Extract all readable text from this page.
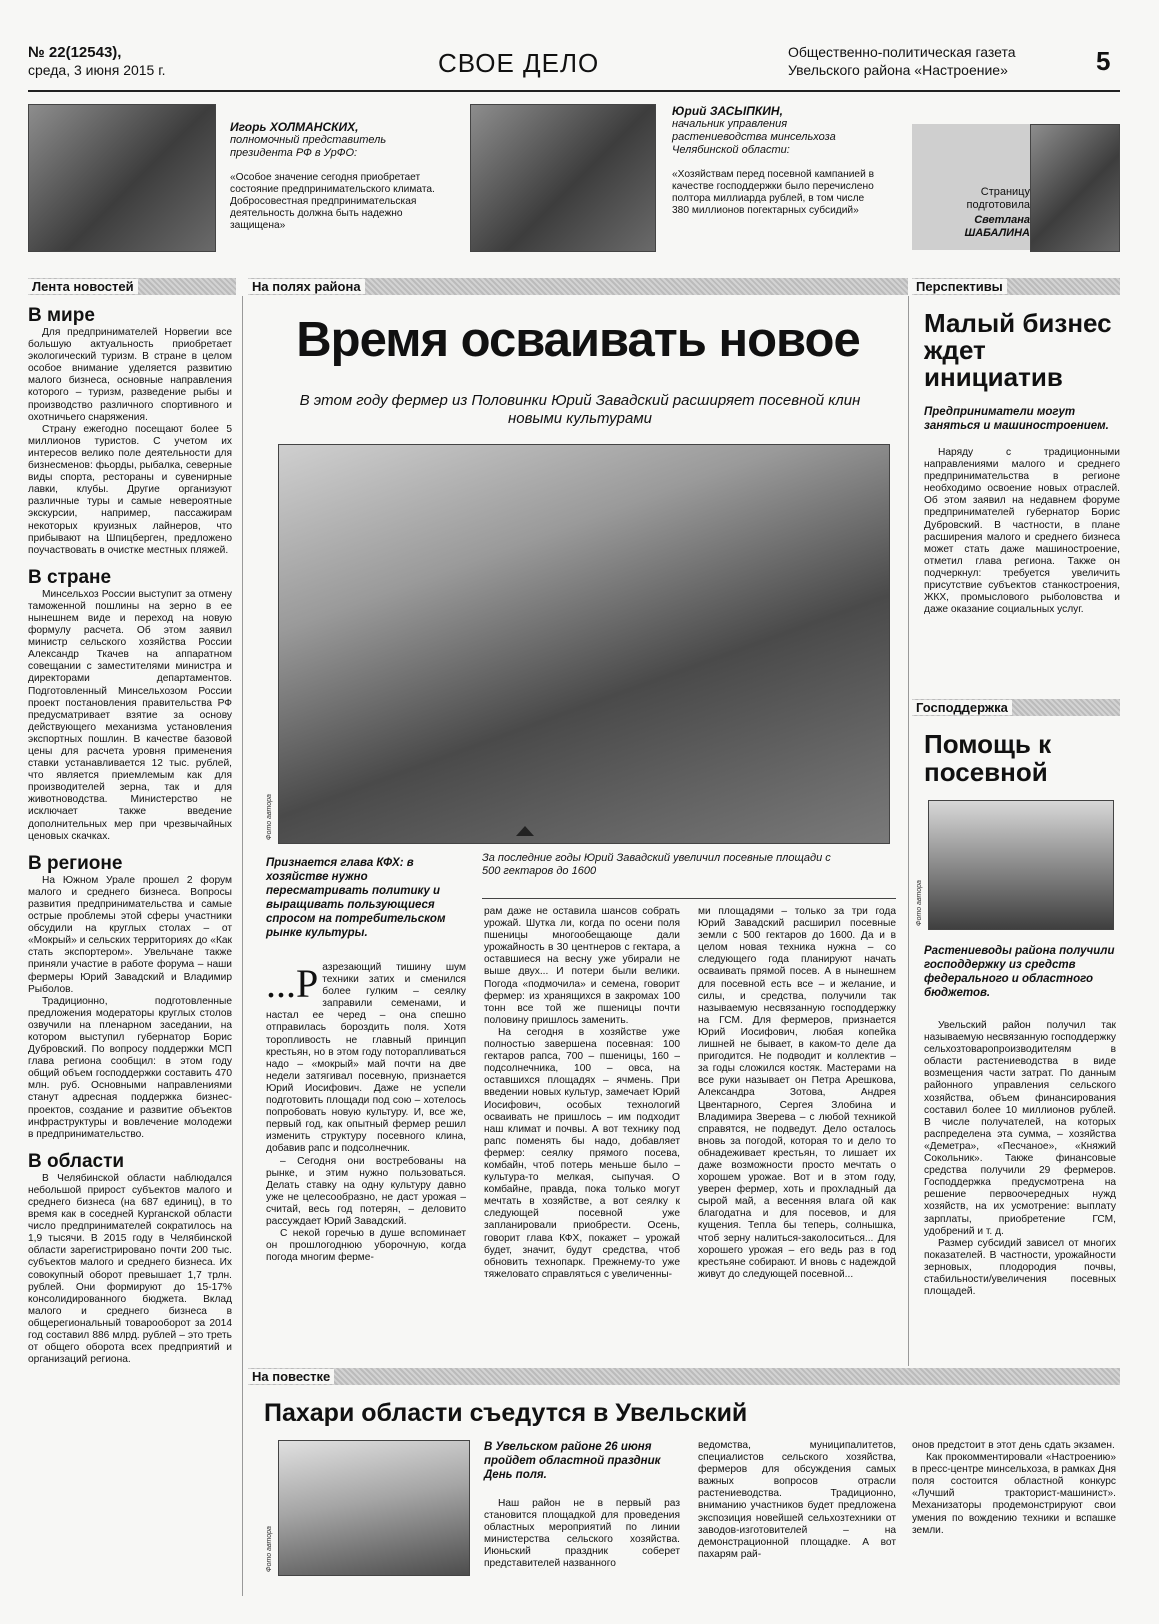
№ 22(12543),
среда, 3 июня 2015 г.	СВОЕ ДЕЛО	Общественно-политическая газета
Увельского района «Настроение»	5
Игорь ХОЛМАНСКИХ,
полномочный представитель президента РФ в УрФО:
«Особое значение сегодня приобретает состояние предпринимательского климата. Добросовестная предпринимательская деятельность должна быть надежно защищена»
Юрий ЗАСЫПКИН,
начальник управления растениеводства минсельхоза Челябинской области:
«Хозяйствам перед посевной кампанией в качестве господдержки было перечислено полтора миллиарда рублей, в том числе 380 миллионов погектарных субсидий»
Страницу подготовила
Светлана
ШАБАЛИНА
Лента новостей	На полях района	Перспективы
В мире

Для предпринимателей Норвегии все большую актуальность приобретает экологический туризм. В стране в целом особое внимание уделяется развитию малого бизнеса, основные направления которого – туризм, разведение рыбы и производство различного спортивного и охотничьего снаряжения.

Страну ежегодно посещают более 5 миллионов туристов. С учетом их интересов велико поле деятельности для бизнесменов: фьорды, рыбалка, северные виды спорта, рестораны и сувенирные лавки, клубы. Другие организуют различные туры и самые невероятные экскурсии, например, пассажирам некоторых круизных лайнеров, что прибывают на Шпицберген, предложено поучаствовать в очистке местных пляжей.

В стране

Минсельхоз России выступит за отмену таможенной пошлины на зерно в ее нынешнем виде и переход на новую формулу расчета. Об этом заявил министр сельского хозяйства России Александр Ткачев на аппаратном совещании с заместителями министра и директорами департаментов. Подготовленный Минсельхозом России проект постановления правительства РФ предусматривает взятие за основу действующего механизма установления экспортных пошлин. В качестве базовой цены для расчета уровня применения ставки устанавливается 12 тыс. рублей, что является приемлемым как для производителей зерна, так и для животноводства. Министерство не исключает также введение дополнительных мер при чрезвычайных ценовых скачках.

В регионе

На Южном Урале прошел 2 форум малого и среднего бизнеса. Вопросы развития предпринимательства и самые острые проблемы этой сферы участники обсудили на круглых столах – от «Мокрый» и сельских территориях до «Как стать экспортером». Увельчане также приняли участие в работе форума – наши фермеры Юрий Завадский и Владимир Рыболов.

Традиционно, подготовленные предложения модераторы круглых столов озвучили на пленарном заседании, на котором выступил губернатор Борис Дубровский. По вопросу поддержки МСП глава региона сообщил: в этом году общий объем господдержки составить 470 млн. руб. Основными направлениями станут адресная поддержка бизнес-проектов, создание и развитие объектов инфраструктуры и вовлечение молодежи в предпринимательство.

В области

В Челябинской области наблюдался небольшой прирост субъектов малого и среднего бизнеса (на 687 единиц), в то время как в соседней Курганской области число предпринимателей сократилось на 1,9 тысячи. В 2015 году в Челябинской области зарегистрировано почти 200 тыс. субъектов малого и среднего бизнеса. Их совокупный оборот превышает 1,7 трлн. рублей. Они формируют до 15-17% консолидированного бюджета. Вклад малого и среднего бизнеса в общерегиональный товарооборот за 2014 год составил 886 млрд. рублей – это треть от общего оборота всех предприятий и организаций региона.

Время осваивать новое
В этом году фермер из Половинки Юрий Завадский расширяет посевной клин новыми культурами
Фото автора
Признается глава КФХ: в хозяйстве нужно пересматривать политику и выращивать пользующиеся спросом на потребительском рынке культуры.
За последние годы Юрий Завадский увеличил посевные площади с 500 гектаров до 1600
...Р азрезающий тишину шум техники затих и сменился более гулким – сеялку заправили семенами, и настал ее черед – она спешно отправилась бороздить поля. Хотя торопливость не главный принцип крестьян, но в этом году поторапливаться надо – «мокрый» май почти на две недели затягивал посевную, признается Юрий Иосифович. Даже не успели подготовить площади под сою – хотелось попробовать новую культуру. И, все же, первый год, как опытный фермер решил изменить структуру посевного клина, добавив рапс и подсолнечник.

– Сегодня они востребованы на рынке, и этим нужно пользоваться. Делать ставку на одну культуру давно уже не целесообразно, не даст урожая – считай, весь год потерян, – деловито рассуждает Юрий Завадский.

С некой горечью в душе вспоминает он прошлогоднюю уборочную, когда погода многим ферме-

рам даже не оставила шансов собрать урожай. Шутка ли, когда по осени поля пшеницы многообещающе дали урожайность в 30 центнеров с гектара, а оставшиеся на весну уже убирали не выше двух... И потери были велики. Погода «подмочила» и семена, говорит фермер: из хранящихся в закромах 100 тонн все той же пшеницы почти половину пришлось заменить.

На сегодня в хозяйстве уже полностью завершена посевная: 100 гектаров рапса, 700 – пшеницы, 160 – подсолнечника, 100 – овса, на оставшихся площадях – ячмень. При введении новых культур, замечает Юрий Иосифович, особых технологий осваивать не пришлось – им подходит наш климат и почвы. А вот технику под рапс поменять бы надо, добавляет фермер: сеялку прямого посева, комбайн, чтоб потерь меньше было – культура-то мелкая, сыпучая. О комбайне, правда, пока только могут мечтать в хозяйстве, а вот сеялку к следующей посевной уже запланировали приобрести. Осень, говорит глава КФХ, покажет – урожай будет, значит, будут средства, чтоб обновить технопарк. Прежнему-то уже тяжеловато справляться с увеличенны-

ми площадями – только за три года Юрий Завадский расширил посевные земли с 500 гектаров до 1600. Да и в целом новая техника нужна – со следующего года планируют начать осваивать прямой посев. А в нынешнем для посевной есть все – и желание, и силы, и средства, получили так называемую несвязанную господдержку на ГСМ. Для фермеров, признается Юрий Иосифович, любая копейка лишней не бывает, в каком-то деле да пригодится. Не подводит и коллектив – за годы сложился костяк. Мастерами на все руки называет он Петра Арешкова, Александра Зотова, Андрея Цвентарного, Сергея Злобина и Владимира Зверева – с любой техникой справятся, не подведут. Дело осталось вновь за погодой, которая то и дело то обнадеживает крестьян, то лишает их даже возможности просто мечтать о хорошем урожае. Вот и в этом году, уверен фермер, хоть и прохладный да сырой май, а весенняя влага ой как благодатна и для посевов, и для кущения. Тепла бы теперь, солнышка, чтоб зерну налиться-заколоситься... Для хорошего урожая – его ведь раз в год крестьяне собирают. И вновь с надеждой живут до следующей посевной...

Малый бизнес ждет инициатив
Предприниматели могут заняться и машиностроением.

Наряду с традиционными направлениями малого и среднего предпринимательства в регионе необходимо освоение новых отраслей. Об этом заявил на недавнем форуме предпринимателей губернатор Борис Дубровский. В частности, в плане расширения малого и среднего бизнеса может стать даже машиностроение, отметил глава региона. Также он подчеркнул: требуется увеличить присутствие субъектов станкостроения, ЖКХ, промыслового рыболовства и даже оказание социальных услуг.

Господдержка
Помощь к посевной
Фото автора
Растениеводы района получили господдержку из средств федерального и областного бюджетов.

Увельский район получил так называемую несвязанную господдержку сельхозтоваропроизводителям в области растениеводства в виде возмещения части затрат. По данным районного управления сельского хозяйства, объем финансирования составил более 10 миллионов рублей. В числе получателей, на которых распределена эта сумма, – хозяйства «Деметра», «Песчаное», «Княжий Сокольник». Также финансовые средства получили 29 фермеров. Господдержка предусмотрена на решение первоочередных нужд хозяйств, на их усмотрение: выплату зарплаты, приобретение ГСМ, удобрений и т. д.

Размер субсидий зависел от многих показателей. В частности, урожайности зерновых, плодородия почвы, стабильности/увеличения посевных площадей.

На повестке
Пахари области съедутся в Увельский
Фото автора
В Увельском районе 26 июня пройдет областной праздник День поля.

Наш район не в первый раз становится площадкой для проведения областных мероприятий по линии министерства сельского хозяйства. Июньский праздник соберет представителей названного

ведомства, муниципалитетов, специалистов сельского хозяйства, фермеров для обсуждения самых важных вопросов отрасли растениеводства. Традиционно, вниманию участников будет предложена экспозиция новейшей сельхозтехники от заводов-изготовителей – на демонстрационной площадке. А вот пахарям рай-

онов предстоит в этот день сдать экзамен.

Как прокомментировали «Настроению» в пресс-центре минсельхоза, в рамках Дня поля состоится областной конкурс «Лучший тракторист-машинист». Механизаторы продемонстрируют свои умения по вождению техники и вспашке земли.
